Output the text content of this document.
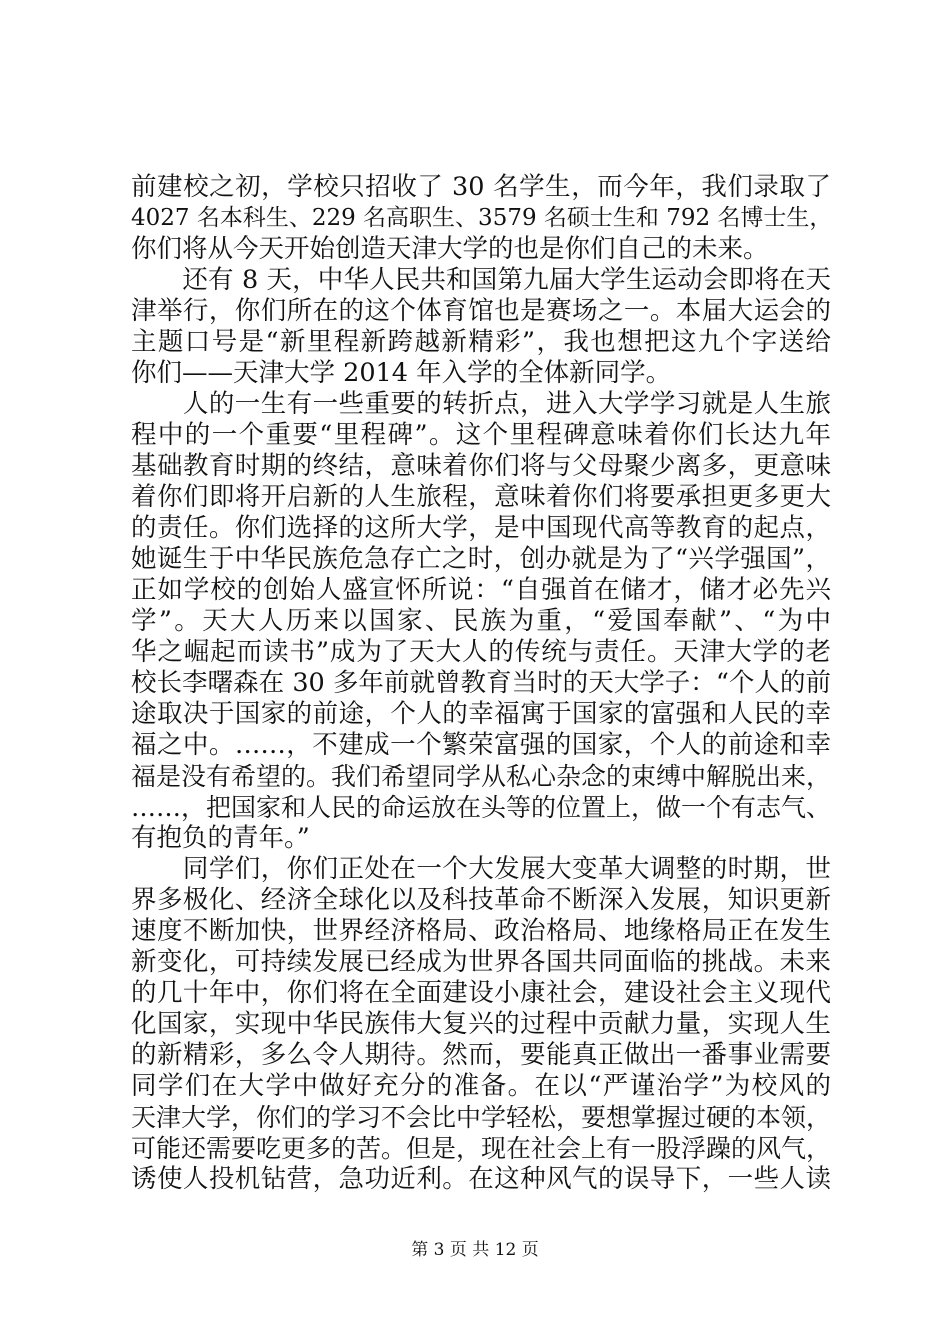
前建校之初，学校只招收了 30 名学生，而今年，我们录取了
4027 名本科生、229 名高职生、3579 名硕士生和 792 名博士生，
你们将从今天开始创造天津大学的也是你们自己的未来。
　　还有 8 天，中华人民共和国第九届大学生运动会即将在天
津举行，你们所在的这个体育馆也是赛场之一。本届大运会的
主题口号是“新里程新跨越新精彩”，我也想把这九个字送给
你们——天津大学 2014 年入学的全体新同学。
　　人的一生有一些重要的转折点，进入大学学习就是人生旅
程中的一个重要“里程碑”。这个里程碑意味着你们长达九年
基础教育时期的终结，意味着你们将与父母聚少离多，更意味
着你们即将开启新的人生旅程，意味着你们将要承担更多更大
的责任。你们选择的这所大学，是中国现代高等教育的起点，
她诞生于中华民族危急存亡之时，创办就是为了“兴学强国”，
正如学校的创始人盛宣怀所说：“自强首在储才，储才必先兴
学”。天大人历来以国家、民族为重，“爱国奉献”、“为中
华之崛起而读书”成为了天大人的传统与责任。天津大学的老
校长李曙森在 30 多年前就曾教育当时的天大学子：“个人的前
途取决于国家的前途，个人的幸福寓于国家的富强和人民的幸
福之中。……，不建成一个繁荣富强的国家，个人的前途和幸
福是没有希望的。我们希望同学从私心杂念的束缚中解脱出来，
……，把国家和人民的命运放在头等的位置上，做一个有志气、
有抱负的青年。”
　　同学们，你们正处在一个大发展大变革大调整的时期，世
界多极化、经济全球化以及科技革命不断深入发展，知识更新
速度不断加快，世界经济格局、政治格局、地缘格局正在发生
新变化，可持续发展已经成为世界各国共同面临的挑战。未来
的几十年中，你们将在全面建设小康社会，建设社会主义现代
化国家，实现中华民族伟大复兴的过程中贡献力量，实现人生
的新精彩，多么令人期待。然而，要能真正做出一番事业需要
同学们在大学中做好充分的准备。在以“严谨治学”为校风的
天津大学，你们的学习不会比中学轻松，要想掌握过硬的本领，
可能还需要吃更多的苦。但是，现在社会上有一股浮躁的风气，
诱使人投机钻营，急功近利。在这种风气的误导下，一些人读
第 3 页 共 12 页
